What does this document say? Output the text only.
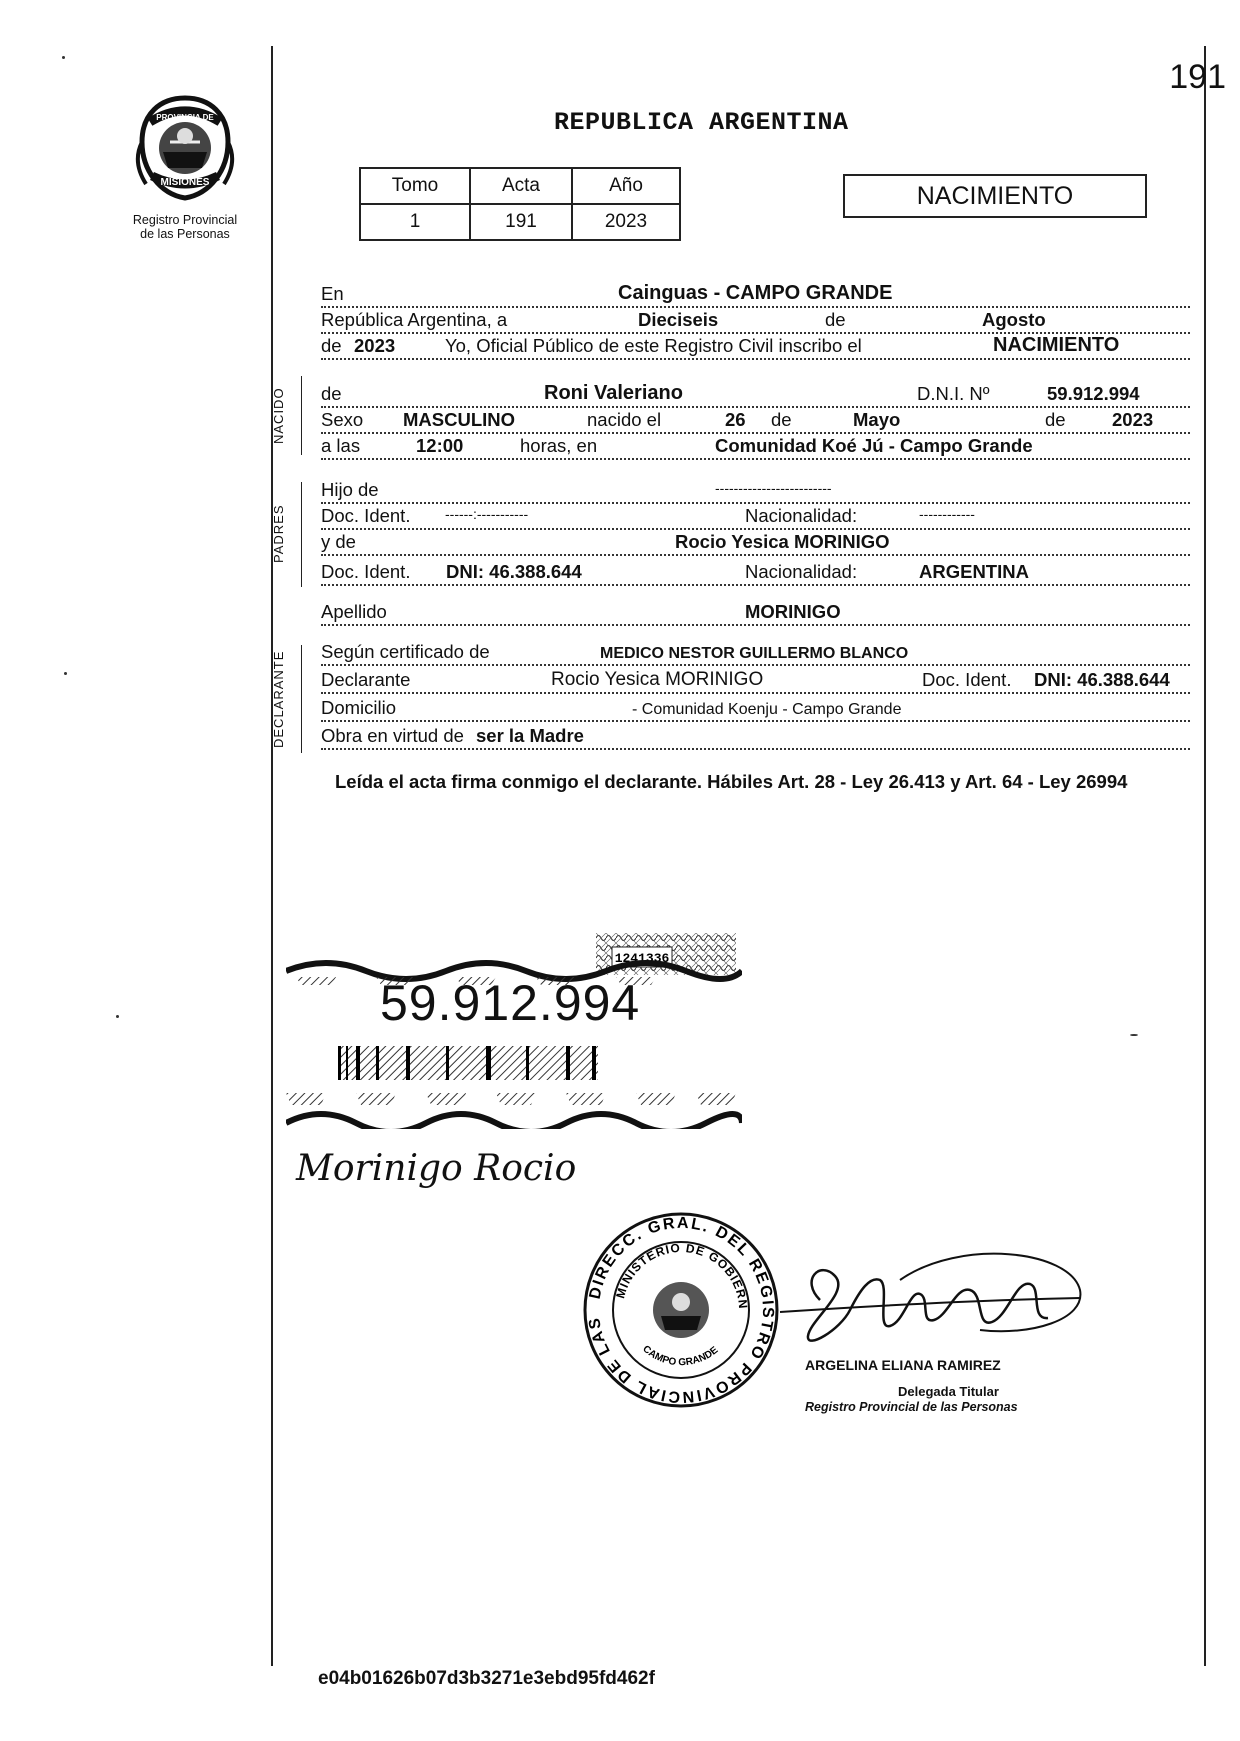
PROVINCIA DE
MISIONES
Registro Provincial
de las Personas
191
REPUBLICA ARGENTINA
Tomo	Acta	Año
1	191	2023
NACIMIENTO
En	Cainguas - CAMPO GRANDE
República Argentina, a	Dieciseis	de	Agosto
de 2023	Yo, Oficial Público de este Registro Civil inscribo el	NACIMIENTO
NACIDO	de	Roni Valeriano	D.N.I. Nº	59.912.994
Sexo MASCULINO	nacido el	26 de	Mayo	de	2023
a las	12:00	horas, en	Comunidad Koé Jú - Campo Grande
PADRES
Hijo de	-------------------------
Doc. Ident. ------:-----------	Nacionalidad:	------------
y de	Rocio Yesica MORINIGO
Doc. Ident. DNI: 46.388.644	Nacionalidad:	ARGENTINA
Apellido	MORINIGO
DECLARANTE	Según certificado de	MEDICO NESTOR GUILLERMO BLANCO
Declarante	Rocio Yesica MORINIGO	Doc. Ident. DNI: 46.388.644
Domicilio	- Comunidad Koenju - Campo Grande
Obra en virtud de ser la Madre
Leída el acta firma conmigo el declarante. Hábiles Art. 28 - Ley 26.413 y Art. 64 - Ley 26994
1241336
59.912.994
Morinigo Rocio
DIRECC. GRAL. DEL REGISTRO PROVINCIAL DE LAS
MINISTERIO DE GOBIERN
CAMPO GRANDE
ARGELINA ELIANA RAMIREZ
Delegada Titular
Registro Provincial de las Personas
e04b01626b07d3b3271e3ebd95fd462f
